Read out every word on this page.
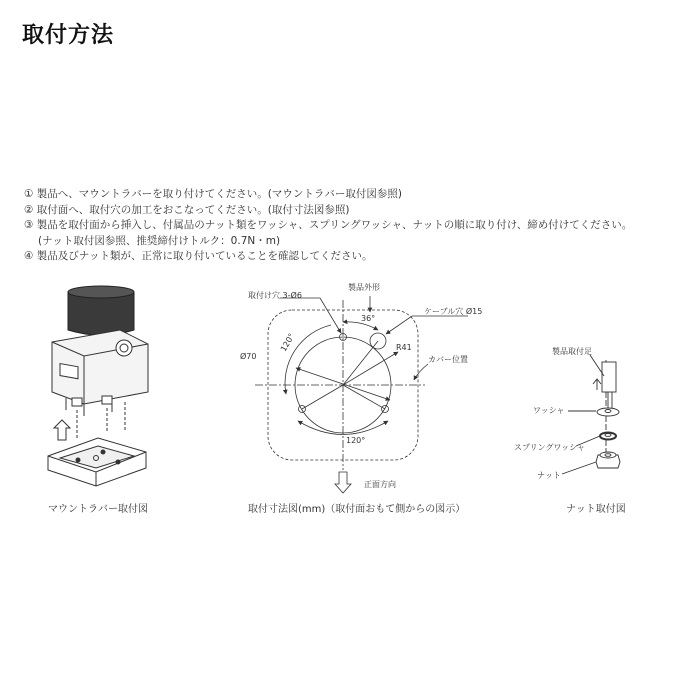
取付方法
① 製品へ、マウントラバーを取り付けてください。(マウントラバー取付図参照)
② 取付面へ、取付穴の加工をおこなってください。(取付寸法図参照)
③ 製品を取付面から挿入し、付属品のナット類をワッシャ、スプリングワッシャ、ナットの順に取り付け、締め付けてください。
(ナット取付図参照、推奨締付けトルク：0.7N・m)
④ 製品及びナット類が、正常に取り付いていることを確認してください。
取付け穴 3-Ø6
製品外形
36°
ケーブル穴 Ø15
R41
Ø70	カバー位置
120°
120°
正面方向
製品取付足
ワッシャ
スプリングワッシャ
ナット
マウントラバー取付図	取付寸法図(mm)（取付面おもて側からの図示）	ナット取付図
